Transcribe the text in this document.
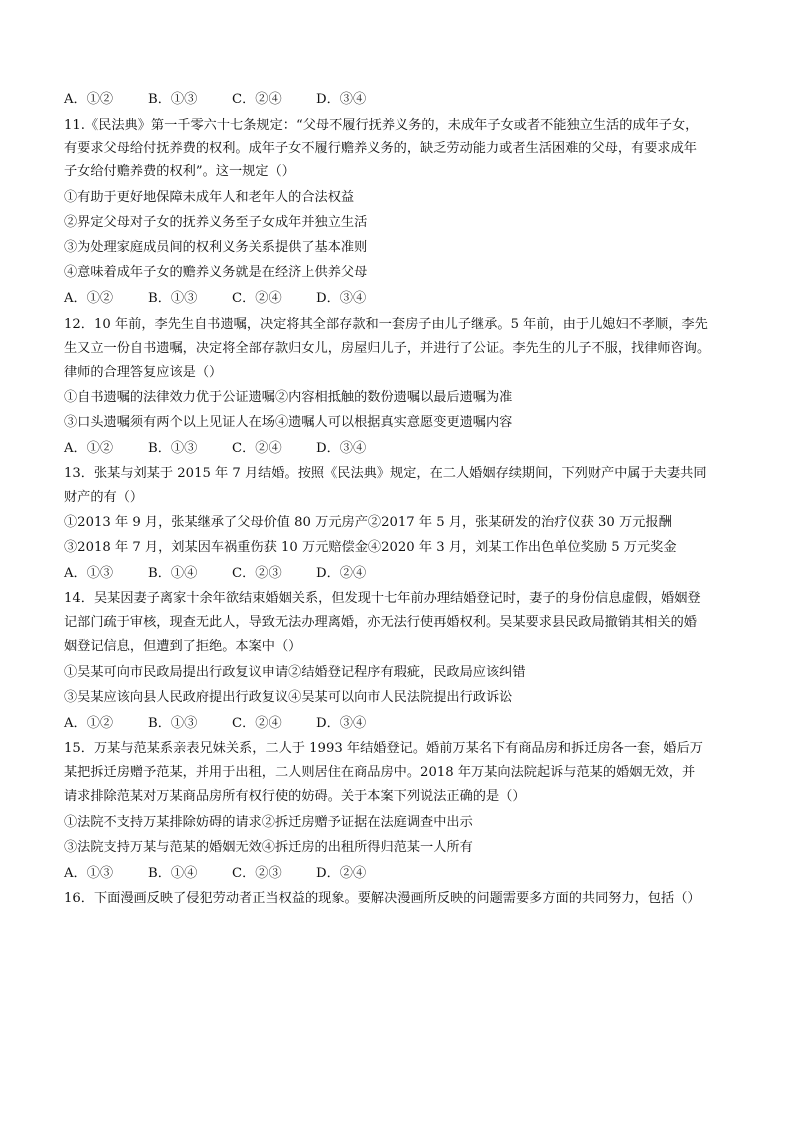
A．①②	B．①③	C．②④	D．③④
11.《民法典》第一千零六十七条规定：“父母不履行抚养义务的，未成年子女或者不能独立生活的成年子女，
有要求父母给付抚养费的权利。成年子女不履行赡养义务的，缺乏劳动能力或者生活困难的父母，有要求成年
子女给付赡养费的权利”。这一规定（）
①有助于更好地保障未成年人和老年人的合法权益
②界定父母对子女的抚养义务至子女成年并独立生活
③为处理家庭成员间的权利义务关系提供了基本准则
④意味着成年子女的赡养义务就是在经济上供养父母
A．①②	B．①③	C．②④	D．③④
12．10 年前，李先生自书遗嘱，决定将其全部存款和一套房子由儿子继承。5 年前，由于儿媳妇不孝顺，李先
生又立一份自书遗嘱，决定将全部存款归女儿，房屋归儿子，并进行了公证。李先生的儿子不服，找律师咨询。
律师的合理答复应该是（）
①自书遗嘱的法律效力优于公证遗嘱②内容相抵触的数份遗嘱以最后遗嘱为准
③口头遗嘱须有两个以上见证人在场④遗嘱人可以根据真实意愿变更遗嘱内容
A．①②	B．①③	C．②④	D．③④
13．张某与刘某于 2015 年 7 月结婚。按照《民法典》规定，在二人婚姻存续期间，下列财产中属于夫妻共同
财产的有（）
①2013 年 9 月，张某继承了父母价值 80 万元房产②2017 年 5 月，张某研发的治疗仪获 30 万元报酬
③2018 年 7 月，刘某因车祸重伤获 10 万元赔偿金④2020 年 3 月，刘某工作出色单位奖励 5 万元奖金
A．①③	B．①④	C．②③	D．②④
14．吴某因妻子离家十余年欲结束婚姻关系，但发现十七年前办理结婚登记时，妻子的身份信息虚假，婚姻登
记部门疏于审核，现查无此人，导致无法办理离婚，亦无法行使再婚权利。吴某要求县民政局撤销其相关的婚
姻登记信息，但遭到了拒绝。本案中（）
①吴某可向市民政局提出行政复议申请②结婚登记程序有瑕疵，民政局应该纠错
③吴某应该向县人民政府提出行政复议④吴某可以向市人民法院提出行政诉讼
A．①②	B．①③	C．②④	D．③④
15．万某与范某系亲表兄妹关系，二人于 1993 年结婚登记。婚前万某名下有商品房和拆迁房各一套，婚后万
某把拆迁房赠予范某，并用于出租，二人则居住在商品房中。2018 年万某向法院起诉与范某的婚姻无效，并
请求排除范某对万某商品房所有权行使的妨碍。关于本案下列说法正确的是（）
①法院不支持万某排除妨碍的请求②拆迁房赠予证据在法庭调查中出示
③法院支持万某与范某的婚姻无效④拆迁房的出租所得归范某一人所有
A．①③	B．①④	C．②③	D．②④
16．下面漫画反映了侵犯劳动者正当权益的现象。要解决漫画所反映的问题需要多方面的共同努力，包括（）
